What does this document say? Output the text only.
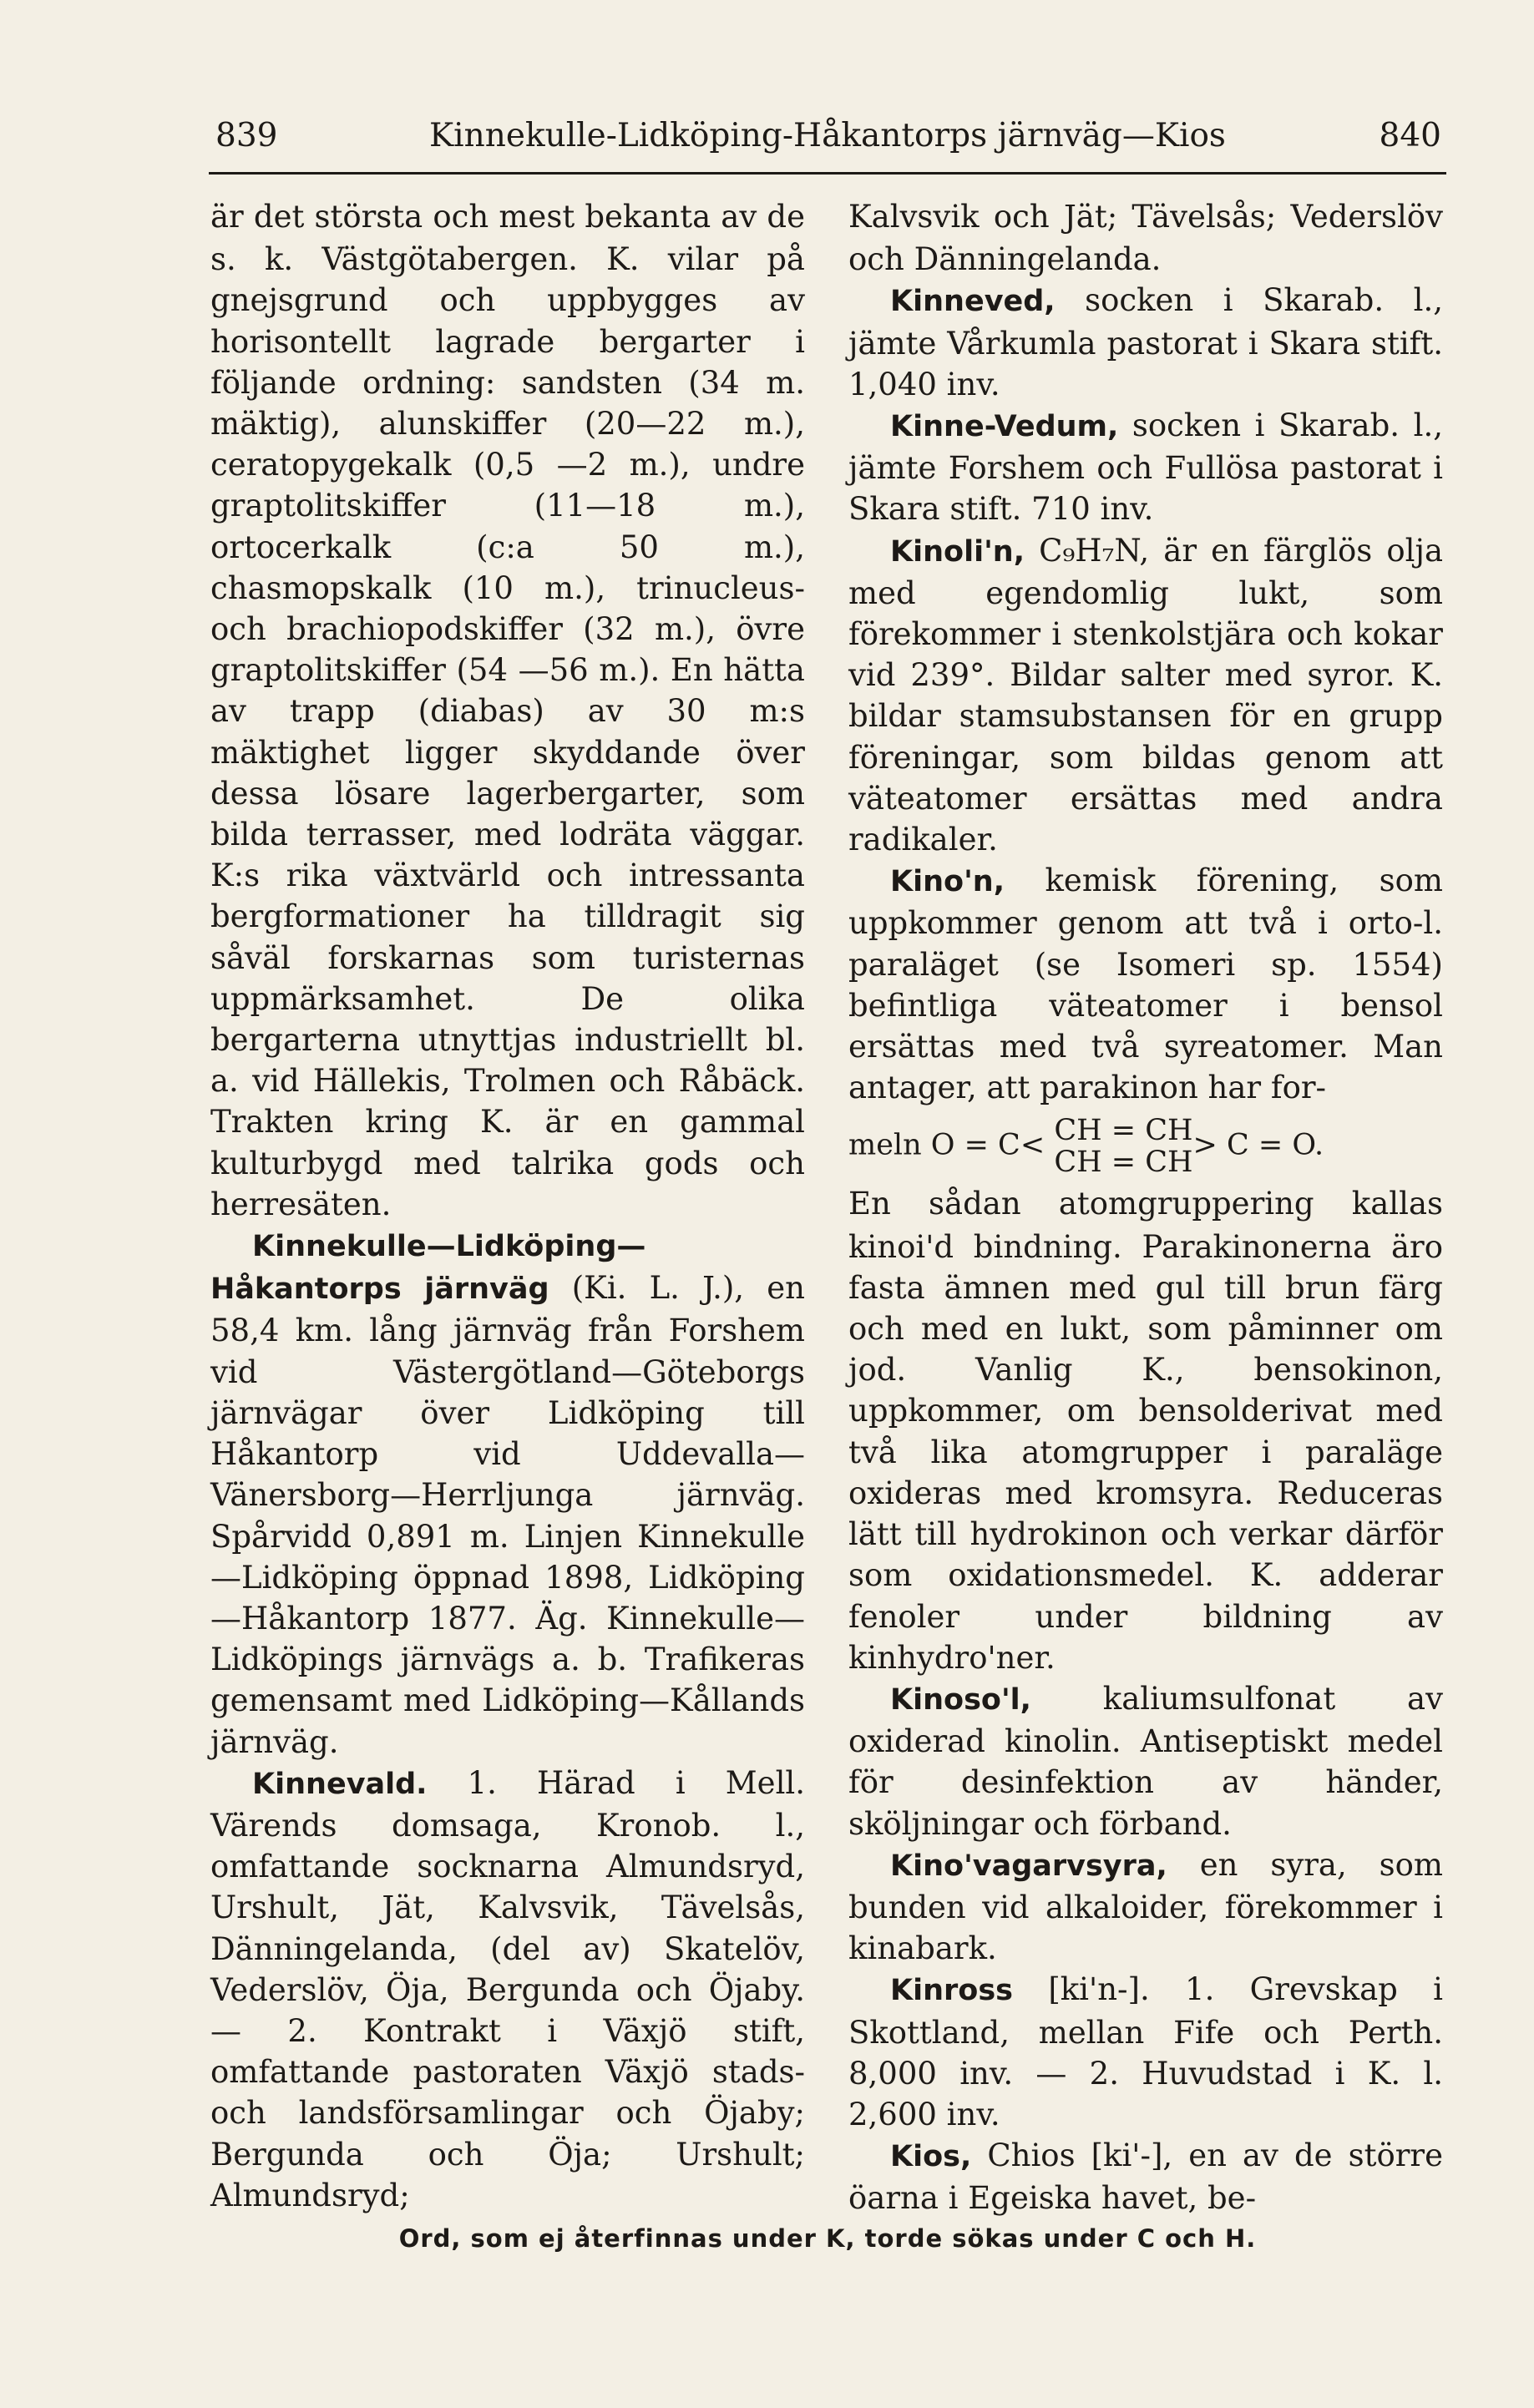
839	Kinnekulle-Lidköping-Håkantorps järnväg—Kios	840

är det största och mest bekanta av de s. k. Västgötabergen. K. vilar på gnejsgrund och uppbygges av horisontellt lagrade bergarter i följande ordning: sandsten (34 m. mäktig), alunskiffer (20—22 m.), ceratopygekalk (0,5 —2 m.), undre graptolitskiffer (11—18 m.), ortocerkalk (c:a 50 m.), chasmopskalk (10 m.), trinucleus- och brachiopodskiffer (32 m.), övre graptolitskiffer (54 —56 m.). En hätta av trapp (diabas) av 30 m:s mäktighet ligger skyddande över dessa lösare lagerbergarter, som bilda terrasser, med lodräta väggar. K:s rika växtvärld och intressanta bergformationer ha tilldragit sig såväl forskarnas som turisternas uppmärksamhet. De olika bergarterna utnyttjas industriellt bl. a. vid Hällekis, Trolmen och Råbäck. Trakten kring K. är en gammal kulturbygd med talrika gods och herresäten.

Kinnekulle—Lidköping—Håkantorps järnväg (Ki. L. J.), en 58,4 km. lång järnväg från Forshem vid Västergötland—Göteborgs järnvägar över Lidköping till Håkantorp vid Uddevalla—Vänersborg—Herrljunga järnväg. Spårvidd 0,891 m. Linjen Kinnekulle—Lidköping öppnad 1898, Lidköping—Håkantorp 1877. Äg. Kinnekulle—Lidköpings järnvägs a. b. Trafikeras gemensamt med Lidköping—Kållands järnväg.

Kinnevald. 1. Härad i Mell. Värends domsaga, Kronob. l., omfattande socknarna Almundsryd, Urshult, Jät, Kalvsvik, Tävelsås, Dänningelanda, (del av) Skatelöv, Vederslöv, Öja, Bergunda och Öjaby. — 2. Kontrakt i Växjö stift, omfattande pastoraten Växjö stads- och landsförsamlingar och Öjaby; Bergunda och Öja; Urshult; Almundsryd;

Kalvsvik och Jät; Tävelsås; Vederslöv och Dänningelanda.

Kinneved, socken i Skarab. l., jämte Vårkumla pastorat i Skara stift. 1,040 inv.

Kinne-Vedum, socken i Skarab. l., jämte Forshem och Fullösa pastorat i Skara stift. 710 inv.

Kinoli'n, C₉H₇N, är en färglös olja med egendomlig lukt, som förekommer i stenkolstjära och kokar vid 239°. Bildar salter med syror. K. bildar stamsubstansen för en grupp föreningar, som bildas genom att väteatomer ersättas med andra radikaler.

Kino'n, kemisk förening, som uppkommer genom att två i orto-l. paraläget (se Isomeri sp. 1554) befintliga väteatomer i bensol ersättas med två syreatomer. Man antager, att parakinon har for-

meln O = C< CH = CH
CH = CH
> C = O.

En sådan atomgruppering kallas kinoi'd bindning. Parakinonerna äro fasta ämnen med gul till brun färg och med en lukt, som påminner om jod. Vanlig K., bensokinon, uppkommer, om bensolderivat med två lika atomgrupper i paraläge oxideras med kromsyra. Reduceras lätt till hydrokinon och verkar därför som oxidationsmedel. K. adderar fenoler under bildning av kinhydro'ner.

Kinoso'l, kaliumsulfonat av oxiderad kinolin. Antiseptiskt medel för desinfektion av händer, sköljningar och förband.

Kino'vagarvsyra, en syra, som bunden vid alkaloider, förekommer i kinabark.

Kinross [ki'n-]. 1. Grevskap i Skottland, mellan Fife och Perth. 8,000 inv. — 2. Huvudstad i K. l. 2,600 inv.

Kios, Chios [ki'-], en av de större öarna i Egeiska havet, be-

Ord, som ej återfinnas under K, torde sökas under C och H.
